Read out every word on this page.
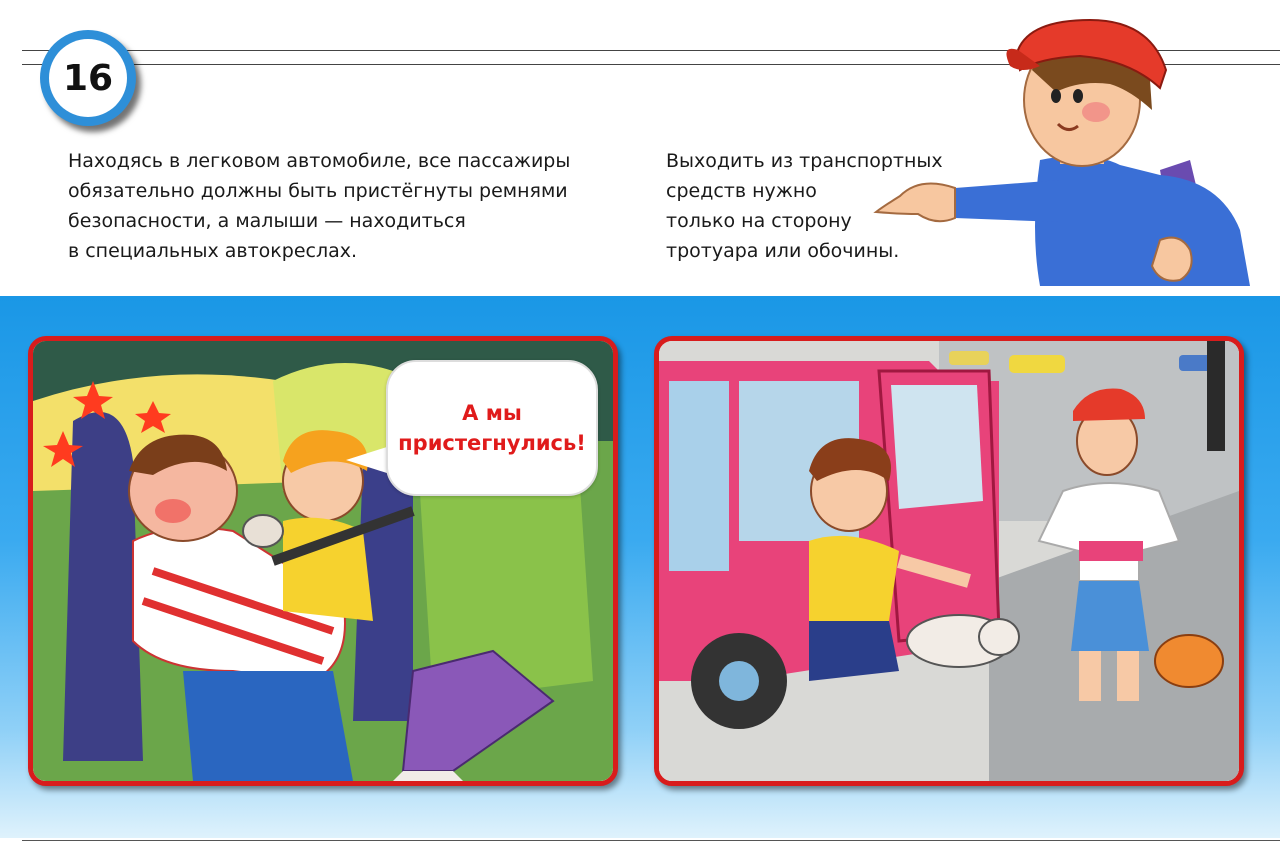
16
Находясь в легковом автомобиле, все пассажиры
обязательно должны быть пристёгнуты ремнями
безопасности, а малыши — находиться
в специальных автокреслах.
Выходить из транспортных
средств нужно
только на сторону
тротуара или обочины.
А мы
пристегнулись!
